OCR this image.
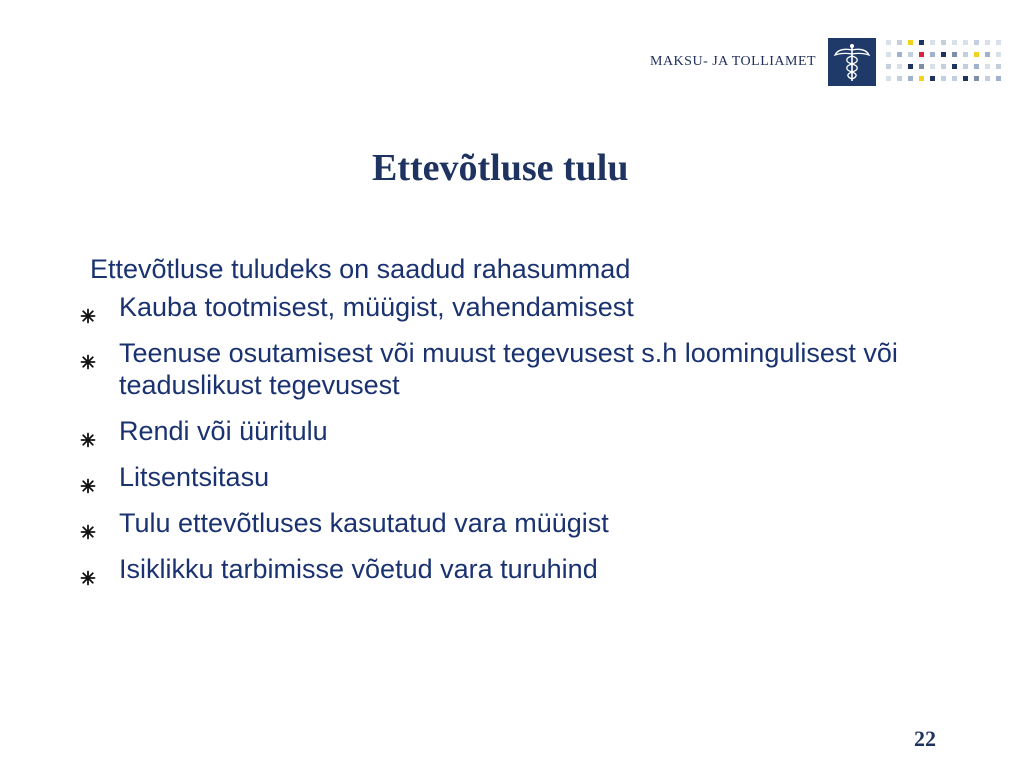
MAKSU- JA TOLLIAMET
Ettevõtluse tulu
Ettevõtluse tuludeks on saadud rahasummad
Kauba tootmisest, müügist, vahendamisest
Teenuse osutamisest või muust tegevusest s.h loomingulisest või teaduslikust tegevusest
Rendi või üüritulu
Litsentsitasu
Tulu ettevõtluses kasutatud vara müügist
Isiklikku tarbimisse võetud vara turuhind
22
